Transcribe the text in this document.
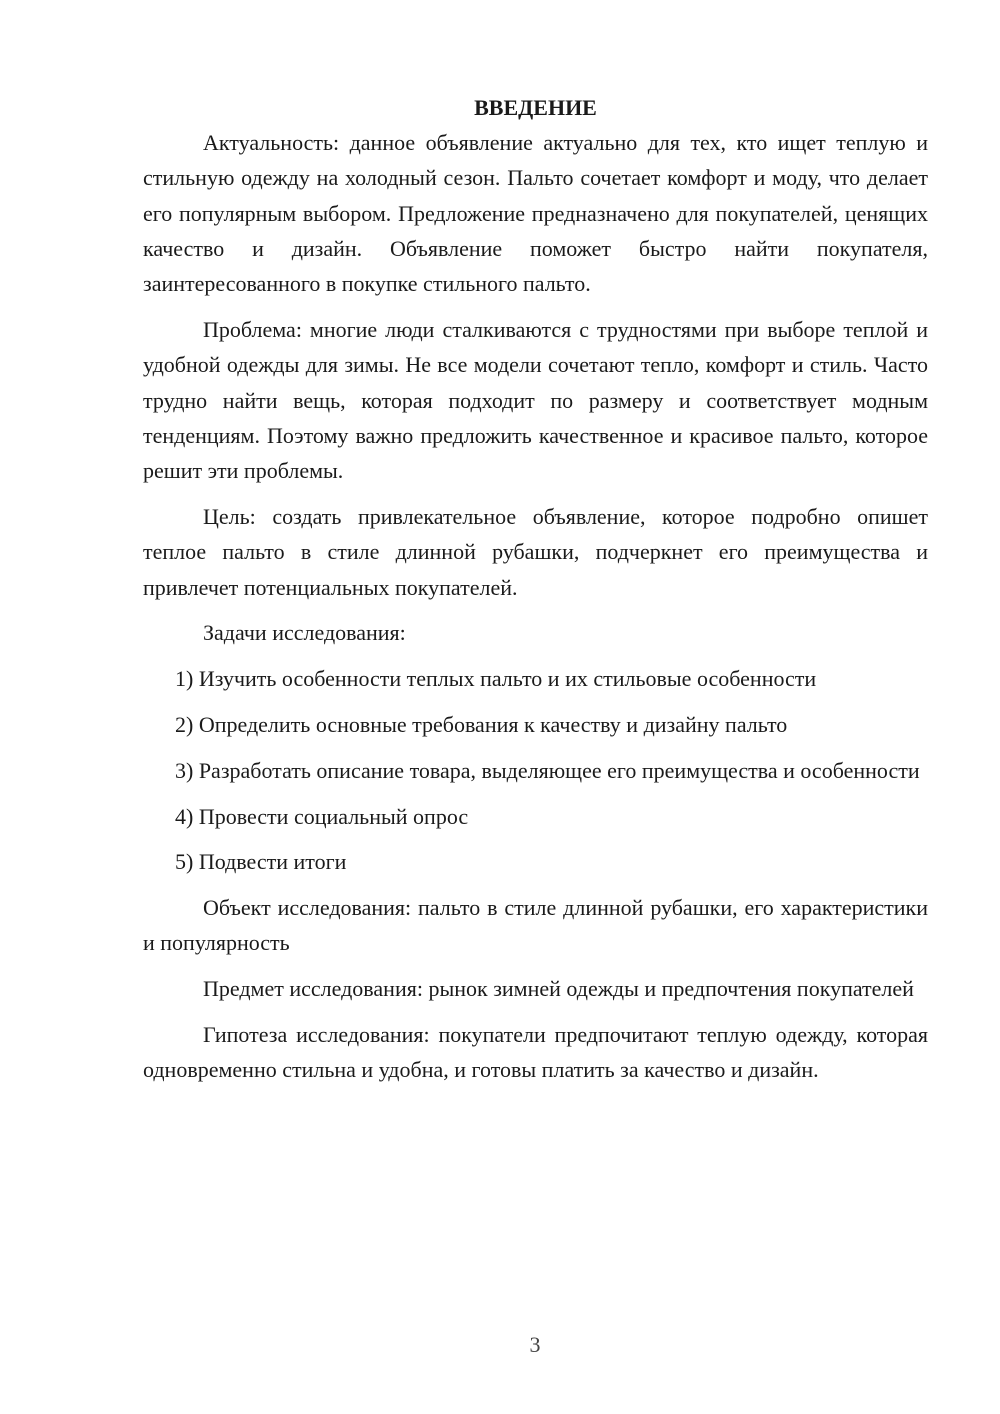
ВВЕДЕНИЕ

Актуальность: данное объявление актуально для тех, кто ищет теплую и стильную одежду на холодный сезон. Пальто сочетает комфорт и моду, что делает его популярным выбором. Предложение предназначено для покупателей, ценящих качество и дизайн. Объявление поможет быстро найти покупателя, заинтересованного в покупке стильного пальто.

Проблема: многие люди сталкиваются с трудностями при выборе теплой и удобной одежды для зимы. Не все модели сочетают тепло, комфорт и стиль. Часто трудно найти вещь, которая подходит по размеру и соответствует модным тенденциям. Поэтому важно предложить качественное и красивое пальто, которое решит эти проблемы.

Цель: создать привлекательное объявление, которое подробно опишет теплое пальто в стиле длинной рубашки, подчеркнет его преимущества и привлечет потенциальных покупателей.

Задачи исследования:

1) Изучить особенности теплых пальто и их стильовые особенности

2) Определить основные требования к качеству и дизайну пальто

3) Разработать описание товара, выделяющее его преимущества и особенности

4) Провести социальный опрос

5) Подвести итоги

Объект исследования: пальто в стиле длинной рубашки, его характеристики и популярность

Предмет исследования: рынок зимней одежды и предпочтения покупателей

Гипотеза исследования: покупатели предпочитают теплую одежду, которая одновременно стильна и удобна, и готовы платить за качество и дизайн.

3
